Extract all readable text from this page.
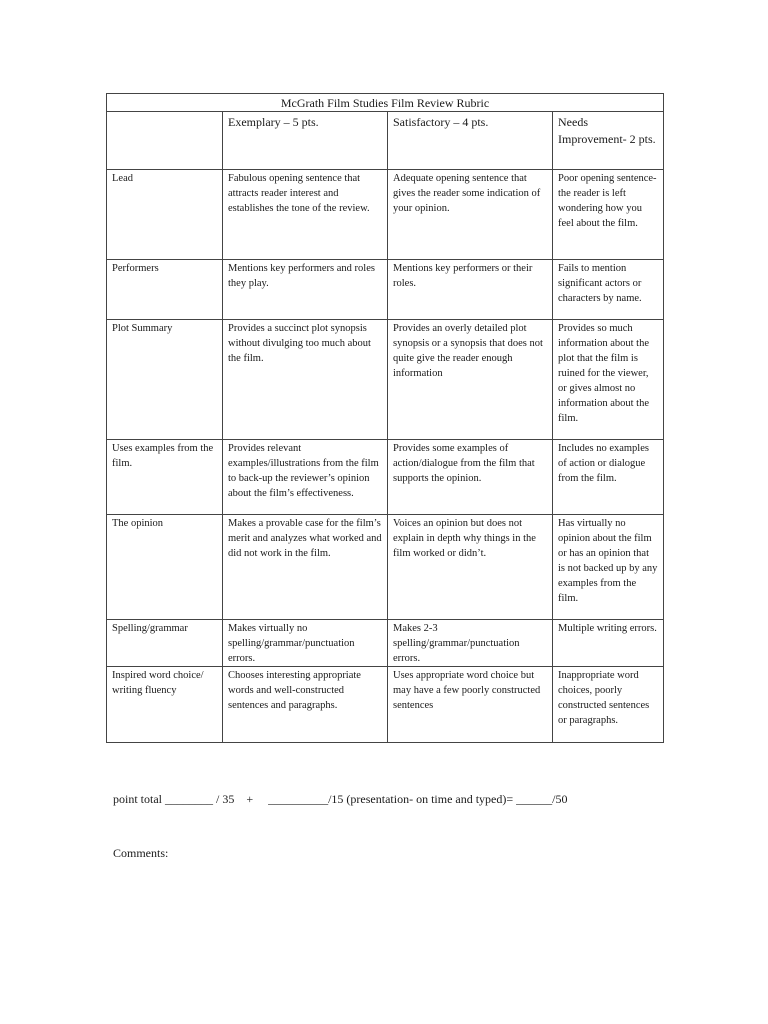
McGrath Film Studies Film Review Rubric			
	Exemplary – 5 pts.	Satisfactory – 4 pts.	Needs Improvement- 2 pts.
Lead	Fabulous opening sentence that attracts reader interest and establishes the tone of the review.	Adequate opening sentence that gives the reader some indication of your opinion.	Poor opening sentence- the reader is left wondering how you feel about the film.
Performers	Mentions key performers and roles they play.	Mentions key performers or their roles.	Fails to mention significant actors or characters by name.
Plot Summary	Provides a succinct plot synopsis without divulging too much about the film.	Provides an overly detailed plot synopsis or a synopsis that does not quite give the reader enough information	Provides so much information about the plot that the film is ruined for the viewer, or gives almost no information about the film.
Uses examples from the film.	Provides relevant examples/illustrations from the film to back-up the reviewer’s opinion about the film’s effectiveness.	Provides some examples of action/dialogue from the film that supports the opinion.	Includes no examples of action or dialogue from the film.
The opinion	Makes a provable case for the film’s merit and analyzes what worked and did not work in the film.	Voices an opinion but does not explain in depth why things in the film worked or didn’t.	Has virtually no opinion about the film or has an opinion that is not backed up by any examples from the film.
Spelling/grammar	Makes virtually no spelling/grammar/punctuation errors.	Makes 2-3 spelling/grammar/punctuation errors.	Multiple writing errors.
Inspired word choice/ writing fluency	Chooses interesting appropriate words and well-constructed sentences and paragraphs.	Uses appropriate word choice but may have a few poorly constructed sentences	Inappropriate word choices, poorly constructed sentences or paragraphs.
point total ________ / 35    +     __________/15 (presentation- on time and typed)= ______/50
Comments:
